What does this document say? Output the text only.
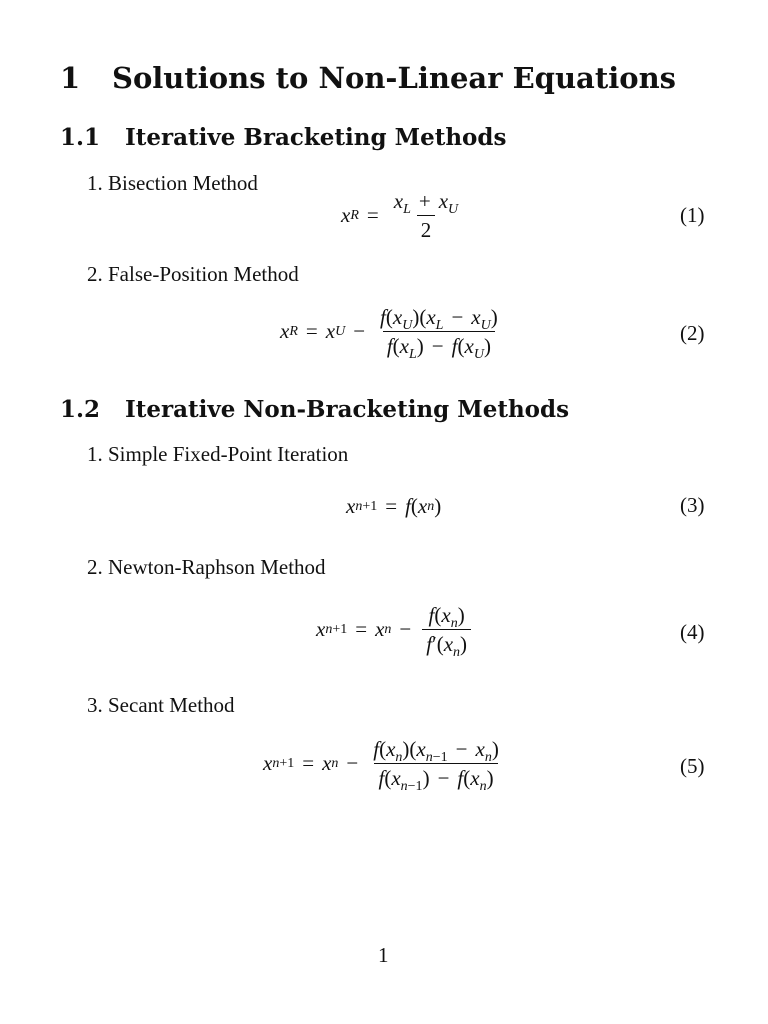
1 Solutions to Non-Linear Equations
1.1 Iterative Bracketing Methods
1. Bisection Method
x $R = \frac{x_L + x_U}{2}$	(1)
2. False-Position Method
x R = x $U - \frac{f(x_U)(x_L - x_U)}{f(x_L) - f(x_U)}$	(2)
1.2 Iterative Non-Bracketing Methods
1. Simple Fixed-Point Iteration
x n+1 = f ( x n )	(3)
2. Newton-Raphson Method
x n+1 = x $n - \frac{f(x_n)}{f'(x_n)}$	(4)
3. Secant Method
x n+1 = x $n - \frac{f(x_n)(x_{n-1} - x_n)}{f(x_{n-1}) - f(x_n)}$	(5)
1
